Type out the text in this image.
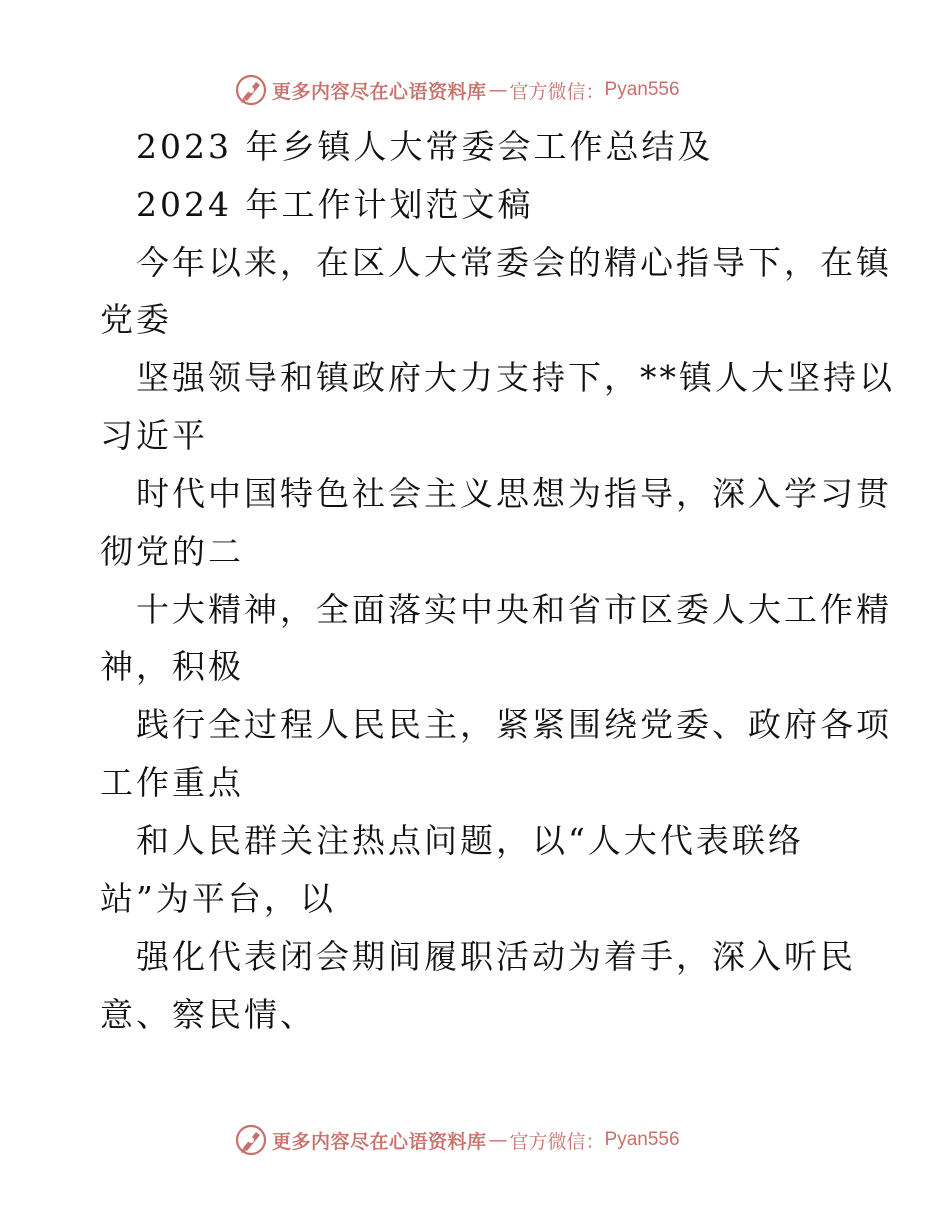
更多内容尽在心语资料库 — 官方微信： Pyan556
2023 年乡镇人大常委会工作总结及
2024 年工作计划范文稿
今年以来，在区人大常委会的精心指导下，在镇
党委
坚强领导和镇政府大力支持下，**镇人大坚持以
习近平
时代中国特色社会主义思想为指导，深入学习贯
彻党的二
十大精神，全面落实中央和省市区委人大工作精
神，积极
践行全过程人民民主，紧紧围绕党委、政府各项
工作重点
和人民群关注热点问题，以“人大代表联络
站”为平台，以
强化代表闭会期间履职活动为着手，深入听民
意、察民情、
更多内容尽在心语资料库 — 官方微信： Pyan556
